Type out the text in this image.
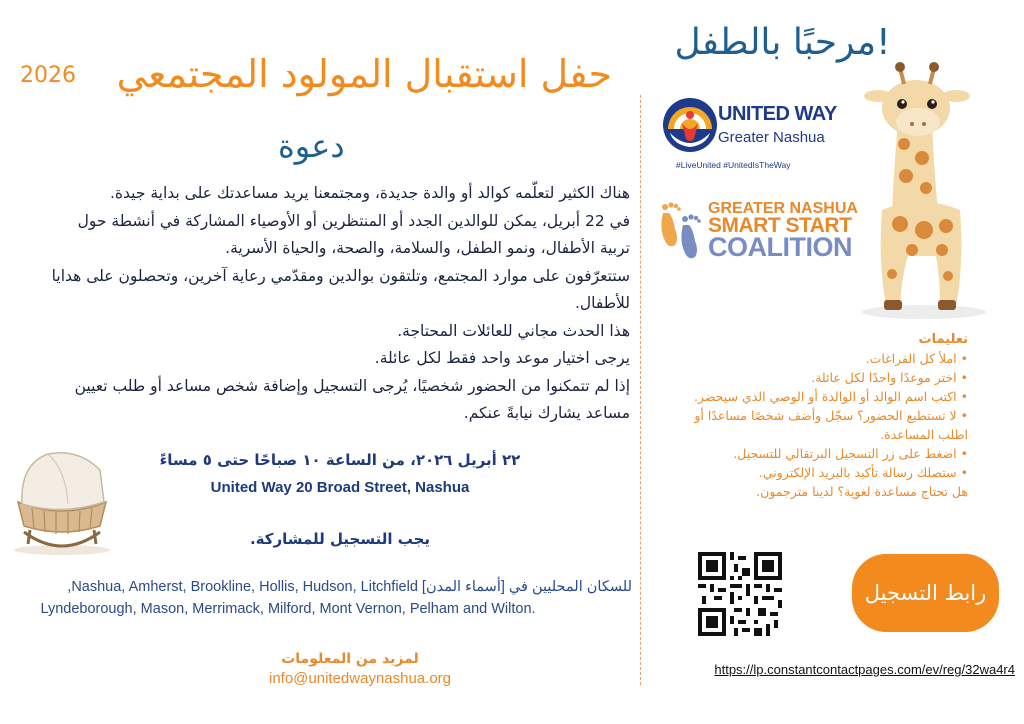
حفل استقبال المولود المجتمعي
2026
دعوة

هناك الكثير لتعلّمه كوالد أو والدة جديدة، ومجتمعنا يريد مساعدتك على بداية جيدة.

في 22 أبريل، يمكن للوالدين الجدد أو المنتظرين أو الأوصياء المشاركة في أنشطة حول

تربية الأطفال، ونمو الطفل، والسلامة، والصحة، والحياة الأسرية.

ستتعرّفون على موارد المجتمع، وتلتقون بوالدين ومقدّمي رعاية آخرين، وتحصلون على هدايا

للأطفال.

هذا الحدث مجاني للعائلات المحتاجة.

يرجى اختيار موعد واحد فقط لكل عائلة.

إذا لم تتمكنوا من الحضور شخصيًا، يُرجى التسجيل وإضافة شخص مساعد أو طلب تعيين

مساعد يشارك نيابةً عنكم.

٢٢ أبريل ٢٠٢٦، من الساعة ١٠ صباحًا حتى ٥ مساءً
United Way 20 Broad Street, Nashua
يجب التسجيل للمشاركة.
للسكان المحليين في [أسماء المدن] Nashua, Amherst, Brookline, Hollis, Hudson, Litchfield,
Lyndeborough, Mason, Merrimack, Milford, Mont Vernon, Pelham and Wilton.
لمزيد من المعلومات
info@unitedwaynashua.org
!مرحبًا بالطفل
UNITED WAY
Greater Nashua
#LiveUnited #UnitedIsTheWay
GREATER NASHUA
SMART START
COALITION
تعليمات
• املأ كل الفراغات.
• اختر موعدًا واحدًا لكل عائلة.
• اكتب اسم الوالد أو الوالدة أو الوصي الذي سيحضر.
• لا تستطيع الحضور؟ سجّل وأضف شخصًا مساعدًا أو
اطلب المساعدة.
• اضغط على زر التسجيل البرتقالي للتسجيل.
• ستصلك رسالة تأكيد بالبريد الإلكتروني.
هل تحتاج مساعدة لغوية؟ لدينا مترجمون.
رابط التسجيل
https://lp.constantcontactpages.com/ev/reg/32wa4r4
